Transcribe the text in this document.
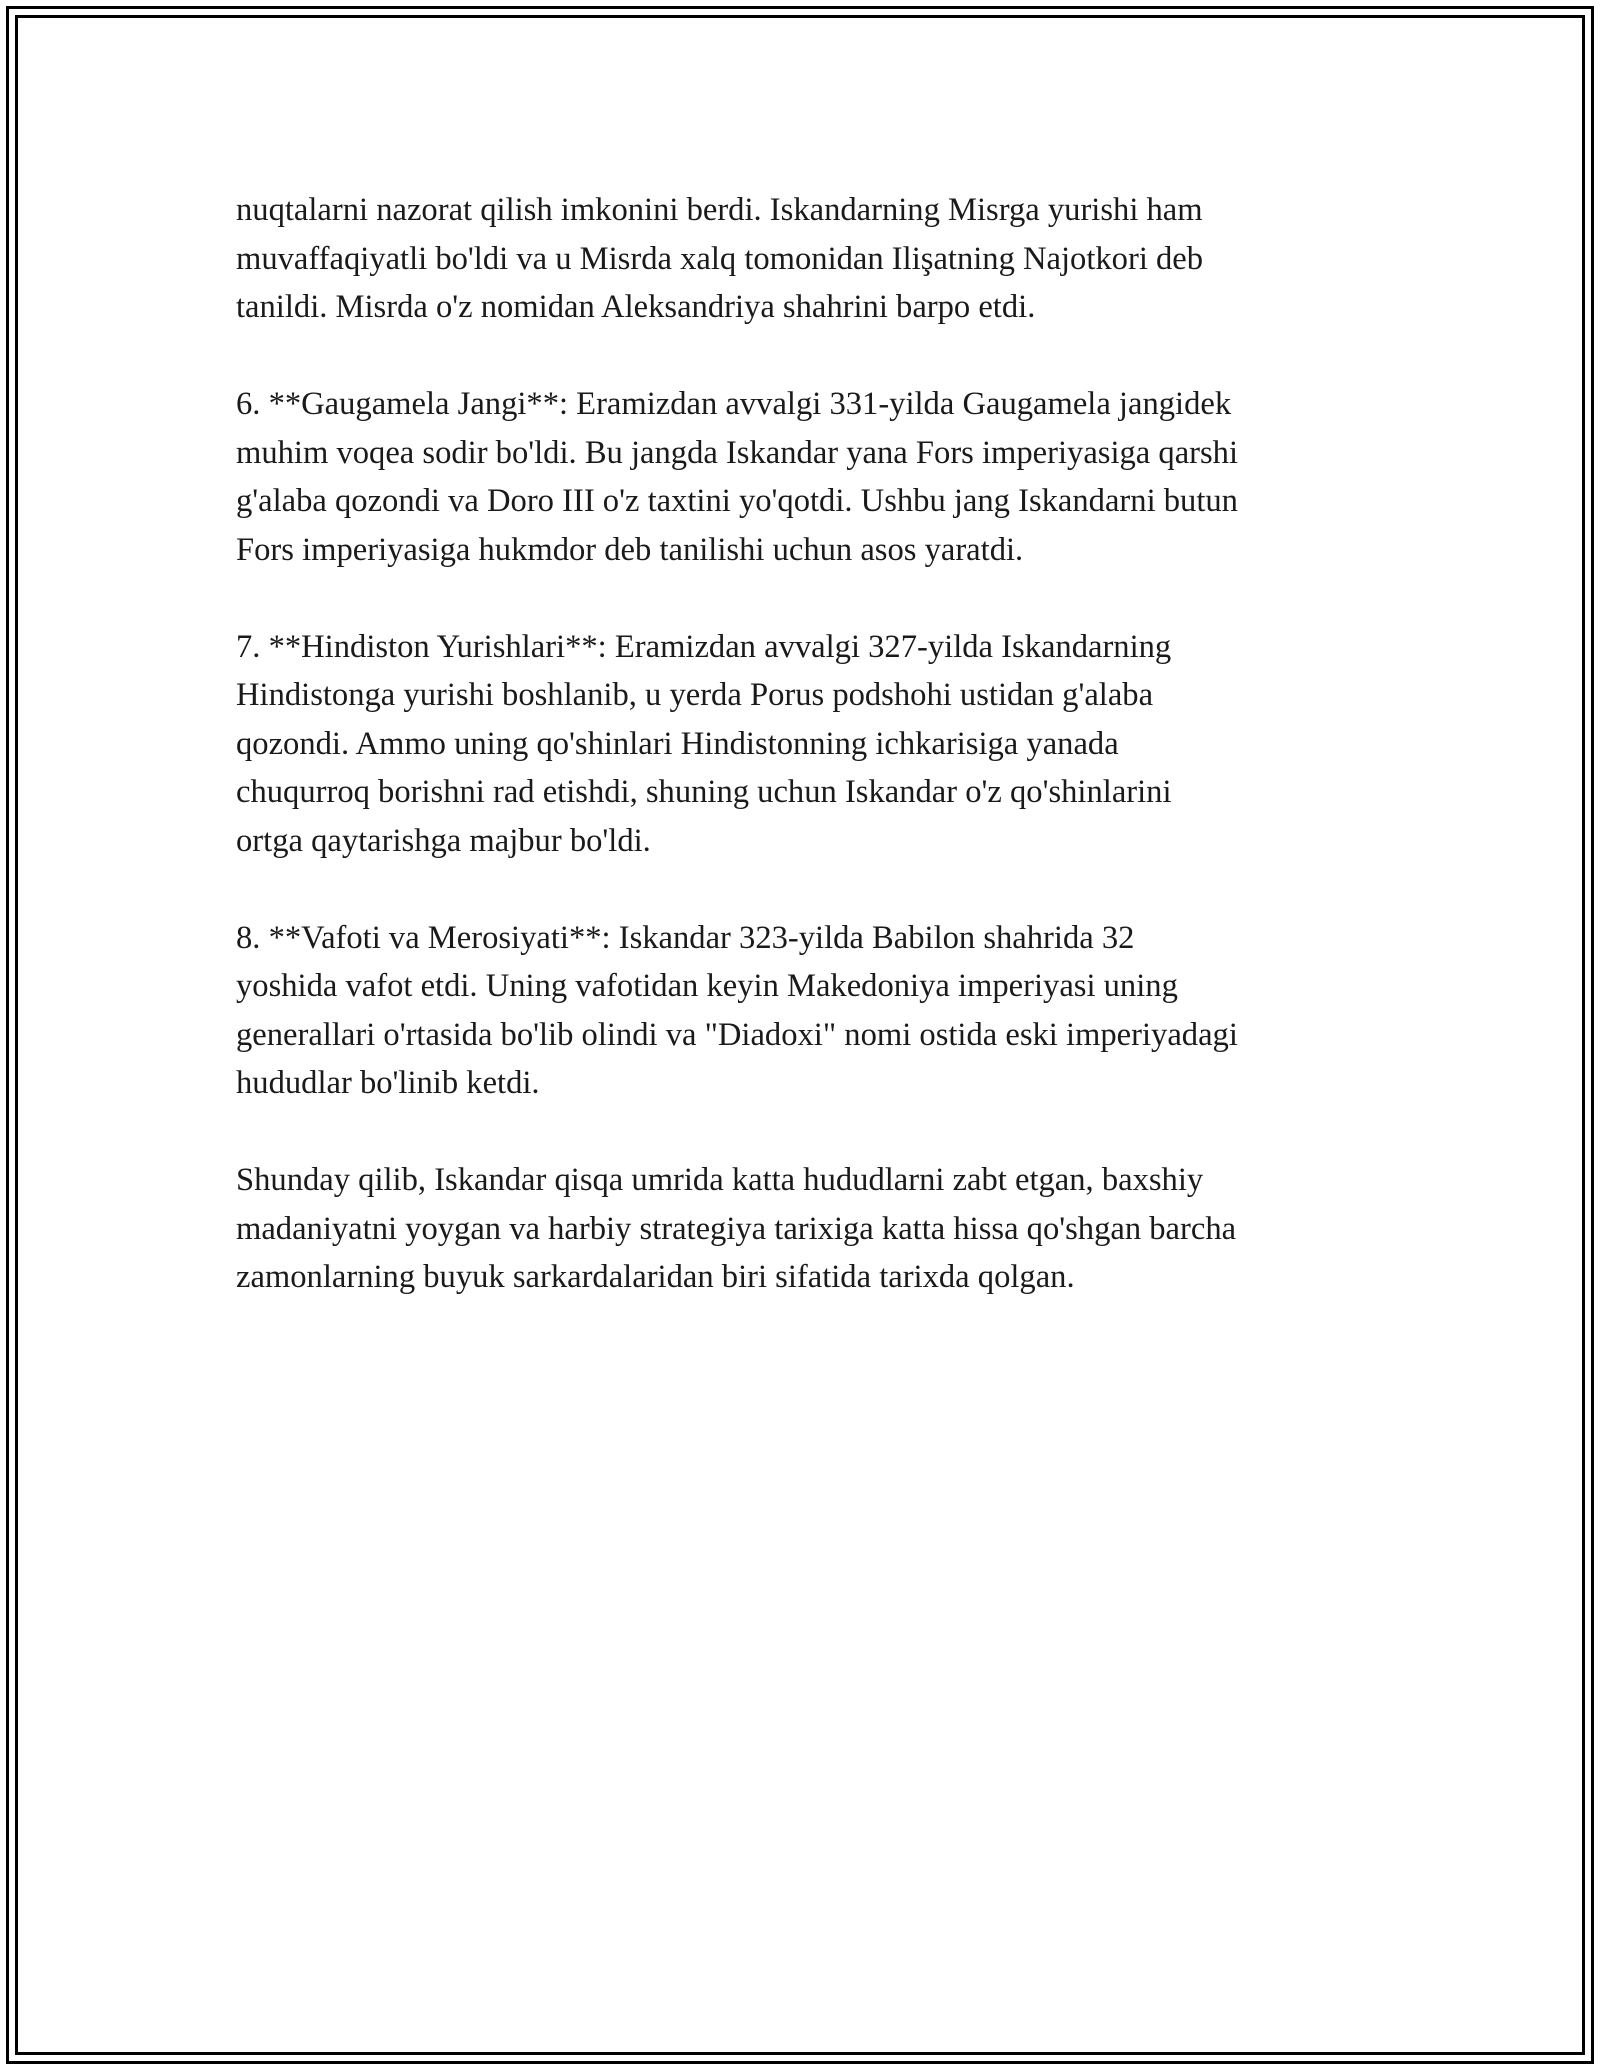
nuqtalarni nazorat qilish imkonini berdi. Iskandarning Misrga yurishi ham
muvaffaqiyatli bo'ldi va u Misrda xalq tomonidan Ilişatning Najotkori deb
tanildi. Misrda o'z nomidan Aleksandriya shahrini barpo etdi.

6. **Gaugamela Jangi**: Eramizdan avvalgi 331-yilda Gaugamela jangidek
muhim voqea sodir bo'ldi. Bu jangda Iskandar yana Fors imperiyasiga qarshi
g'alaba qozondi va Doro III o'z taxtini yo'qotdi. Ushbu jang Iskandarni butun
Fors imperiyasiga hukmdor deb tanilishi uchun asos yaratdi.

7. **Hindiston Yurishlari**: Eramizdan avvalgi 327-yilda Iskandarning
Hindistonga yurishi boshlanib, u yerda Porus podshohi ustidan g'alaba
qozondi. Ammo uning qo'shinlari Hindistonning ichkarisiga yanada
chuqurroq borishni rad etishdi, shuning uchun Iskandar o'z qo'shinlarini
ortga qaytarishga majbur bo'ldi.

8. **Vafoti va Merosiyati**: Iskandar 323-yilda Babilon shahrida 32
yoshida vafot etdi. Uning vafotidan keyin Makedoniya imperiyasi uning
generallari o'rtasida bo'lib olindi va "Diadoxi" nomi ostida eski imperiyadagi
hududlar bo'linib ketdi.

Shunday qilib, Iskandar qisqa umrida katta hududlarni zabt etgan, baxshiy
madaniyatni yoygan va harbiy strategiya tarixiga katta hissa qo'shgan barcha
zamonlarning buyuk sarkardalaridan biri sifatida tarixda qolgan.
